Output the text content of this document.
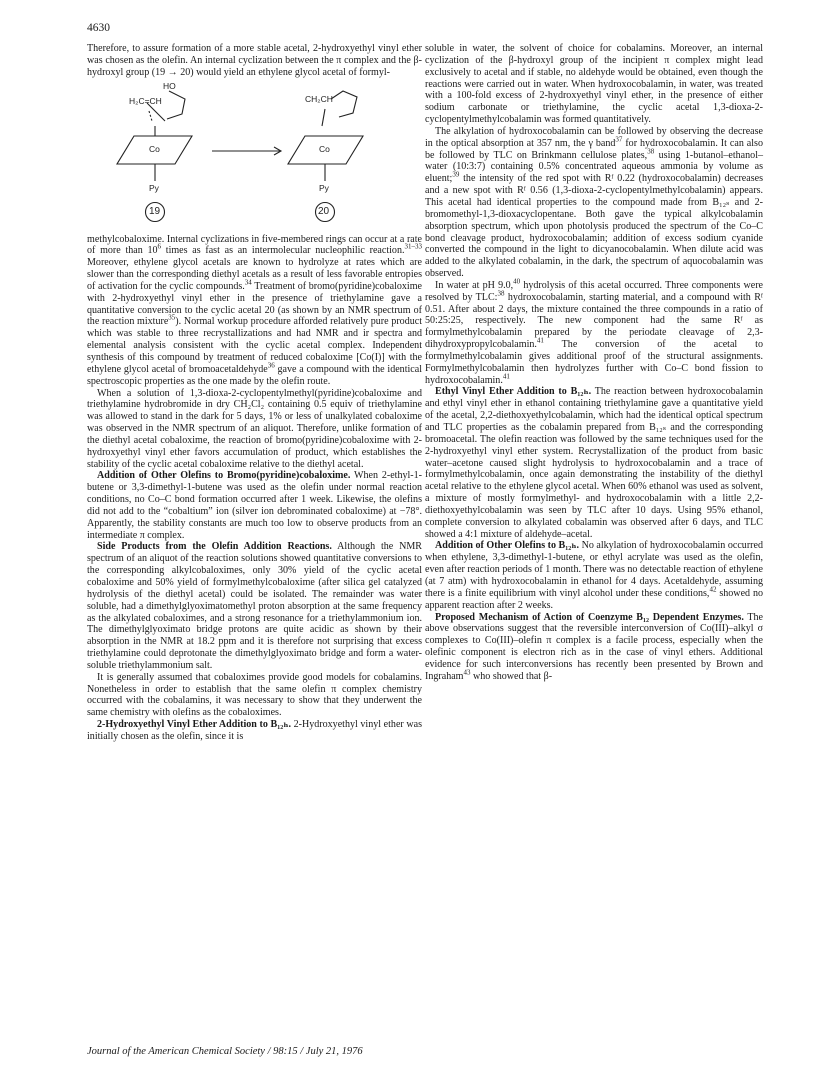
4630

Therefore, to assure formation of a more stable acetal, 2-hydroxyethyl vinyl ether was chosen as the olefin. An internal cyclization between the π complex and the β-hydroxyl group (19 → 20) would yield an ethylene glycol acetal of formyl-

HO
H₂C=CH
Co
Py
CH₂CH
Co
Py
19	20

methylcobaloxime. Internal cyclizations in five-membered rings can occur at a rate of more than $10^6$ times as fast as an intermolecular nucleophilic reaction.$^{31-33}$ Moreover, ethylene glycol acetals are known to hydrolyze at rates which are slower than the corresponding diethyl acetals as a result of less favorable entropies of activation for the cyclic compounds.$^{34}$ Treatment of bromo(pyridine)cobaloxime with 2-hydroxyethyl vinyl ether in the presence of triethylamine gave a quantitative conversion to the cyclic acetal 20 (as shown by an NMR spectrum of the reaction mixture$^{35}$). Normal workup procedure afforded relatively pure product which was stable to three recrystallizations and had NMR and ir spectra and elemental analysis consistent with the cyclic acetal complex. Independent synthesis of this compound by treatment of reduced cobaloxime [Co(I)] with the ethylene glycol acetal of bromoacetaldehyde$^{36}$ gave a compound with the identical spectroscopic properties as the one made by the olefin route.

When a solution of 1,3-dioxa-2-cyclopentylmethyl(pyridine)cobaloxime and triethylamine hydrobromide in dry CH₂Cl₂ containing 0.5 equiv of triethylamine was allowed to stand in the dark for 5 days, 1% or less of unalkylated cobaloxime was observed in the NMR spectrum of an aliquot. Therefore, unlike formation of the diethyl acetal cobaloxime, the reaction of bromo(pyridine)cobaloxime with 2-hydroxyethyl vinyl ether favors accumulation of product, which establishes the stability of the cyclic acetal cobaloxime relative to the diethyl acetal.

Addition of Other Olefins to Bromo(pyridine)cobaloxime. When 2-ethyl-1-butene or 3,3-dimethyl-1-butene was used as the olefin under normal reaction conditions, no Co–C bond formation occurred after 1 week. Likewise, the olefins did not add to the “cobaltium” ion (silver ion debrominated cobaloxime) at −78°. Apparently, the stability constants are much too low to observe products from an intermediate π complex.

Side Products from the Olefin Addition Reactions. Although the NMR spectrum of an aliquot of the reaction solutions showed quantitative conversions to the corresponding alkylcobaloximes, only 30% yield of the cyclic acetal cobaloxime and 50% yield of formylmethylcobaloxime (after silica gel catalyzed hydrolysis of the diethyl acetal) could be isolated. The remainder was water soluble, had a dimethylglyoximatomethyl proton absorption at the same frequency as the alkylated cobaloximes, and a strong resonance for a triethylammonium ion. The dimethylglyoximato bridge protons are quite acidic as shown by their absorption in the NMR at 18.2 ppm and it is therefore not surprising that excess triethylamine could deprotonate the dimethylglyoximato bridge and form a water-soluble triethylammonium salt.

It is generally assumed that cobaloximes provide good models for cobalamins. Nonetheless in order to establish that the same olefin π complex chemistry occurred with the cobalamins, it was necessary to show that they underwent the same chemistry with olefins as the cobaloximes.

2-Hydroxyethyl Vinyl Ether Addition to B₁₂ₕ. 2-Hydroxyethyl vinyl ether was initially chosen as the olefin, since it is

soluble in water, the solvent of choice for cobalamins. Moreover, an internal cyclization of the β-hydroxyl group of the incipient π complex might lead exclusively to acetal and if stable, no aldehyde would be obtained, even though the reactions were carried out in water. When hydroxocobalamin, in water, was treated with a 100-fold excess of 2-hydroxyethyl vinyl ether, in the presence of either sodium carbonate or triethylamine, the cyclic acetal 1,3-dioxa-2-cyclopentylmethylcobalamin was formed quantitatively.

The alkylation of hydroxocobalamin can be followed by observing the decrease in the optical absorption at 357 nm, the γ band$^{37}$ for hydroxocobalamin. It can also be followed by TLC on Brinkmann cellulose plates,$^{38}$ using 1-butanol–ethanol–water (10:3:7) containing 0.5% concentrated aqueous ammonia by volume as eluent;$^{39}$ the intensity of the red spot with Rᶠ 0.22 (hydroxocobalamin) decreases and a new spot with Rᶠ 0.56 (1,3-dioxa-2-cyclopentylmethylcobalamin) appears. This acetal had identical properties to the compound made from B₁₂ₛ and 2-bromomethyl-1,3-dioxacyclopentane. Both gave the typical alkylcobalamin absorption spectrum, which upon photolysis produced the spectrum of the Co–C bond cleavage product, hydroxocobalamin; addition of excess sodium cyanide converted the compound in the light to dicyanocobalamin. When dilute acid was added to the alkylated cobalamin, in the dark, the spectrum of aquocobalamin was observed.

In water at pH 9.0,40 hydrolysis of this acetal occurred. Three components were resolved by TLC:$^{38}$ hydroxocobalamin, starting material, and a compound with Rᶠ 0.51. After about 2 days, the mixture contained the three compounds in a ratio of 50:25:25, respectively. The new component had the same Rᶠ as formylmethylcobalamin prepared by the periodate cleavage of 2,3-dihydroxypropylcobalamin.$^{41}$ The conversion of the acetal to formylmethylcobalamin gives additional proof of the structural assignments. Formylmethylcobalamin then hydrolyzes further with Co–C bond fission to hydroxocobalamin.$^{41}$

Ethyl Vinyl Ether Addition to B₁₂ₕ. The reaction between hydroxocobalamin and ethyl vinyl ether in ethanol containing triethylamine gave a quantitative yield of the acetal, 2,2-diethoxyethylcobalamin, which had the identical optical spectrum and TLC properties as the cobalamin prepared from B₁₂ₛ and the corresponding bromoacetal. The olefin reaction was followed by the same techniques used for the 2-hydroxyethyl vinyl ether system. Recrystallization of the product from basic water–acetone caused slight hydrolysis to hydroxocobalamin and a trace of formylmethylcobalamin, once again demonstrating the instability of the diethyl acetal relative to the ethylene glycol acetal. When 60% ethanol was used as solvent, a mixture of mostly formylmethyl- and hydroxocobalamin with a little 2,2-diethoxyethylcobalamin was seen by TLC after 10 days. Using 95% ethanol, complete conversion to alkylated cobalamin was observed after 6 days, and TLC showed a 4:1 mixture of aldehyde–acetal.

Addition of Other Olefins to B₁₂ₕ. No alkylation of hydroxocobalamin occurred when ethylene, 3,3-dimethyl-1-butene, or ethyl acrylate was used as the olefin, even after reaction periods of 1 month. There was no detectable reaction of ethylene (at 7 atm) with hydroxocobalamin in ethanol for 4 days. Acetaldehyde, assuming there is a finite equilibrium with vinyl alcohol under these conditions,$^{42}$ showed no apparent reaction after 2 weeks.

Proposed Mechanism of Action of Coenzyme B₁₂ Dependent Enzymes. The above observations suggest that the reversible interconversion of Co(III)–alkyl σ complexes to Co(III)–olefin π complex is a facile process, especially when the olefinic component is electron rich as in the case of vinyl ethers. Additional evidence for such interconversions has recently been presented by Brown and Ingraham$^{43}$ who showed that β-

Journal of the American Chemical Society / 98:15 / July 21, 1976
